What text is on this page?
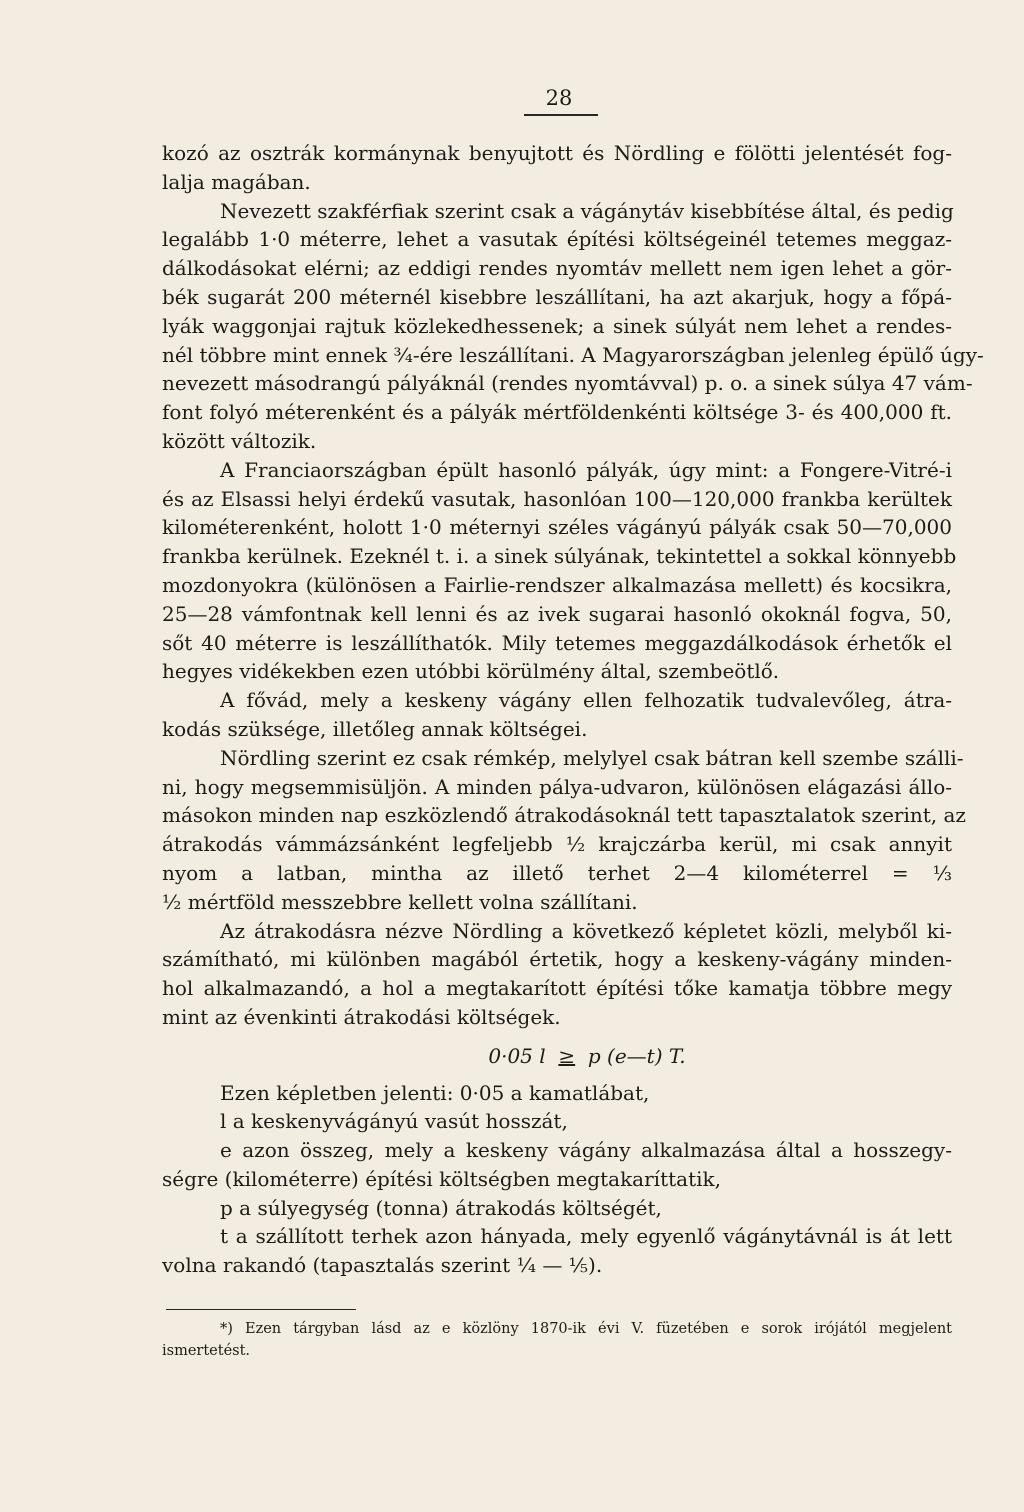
28
kozó az osztrák kormánynak benyujtott és Nördling e fölötti jelentését fog-
lalja magában.
Nevezett szakférfiak szerint csak a vágánytáv kisebbítése által, és pedig
legalább 1·0 méterre, lehet a vasutak építési költségeinél tetemes meggaz-
dálkodásokat elérni; az eddigi rendes nyomtáv mellett nem igen lehet a gör-
bék sugarát 200 méternél kisebbre leszállítani, ha azt akarjuk, hogy a főpá-
lyák waggonjai rajtuk közlekedhessenek; a sinek súlyát nem lehet a rendes-
nél többre mint ennek ¾-ére leszállítani. A Magyarországban jelenleg épülő úgy-
nevezett másodrangú pályáknál (rendes nyomtávval) p. o. a sinek súlya 47 vám-
font folyó méterenként és a pályák mértföldenkénti költsége 3- és 400,000 ft.
között változik.
A Franciaországban épült hasonló pályák, úgy mint: a Fongere-Vitré-i
és az Elsassi helyi érdekű vasutak, hasonlóan 100—120,000 frankba kerültek
kilométerenként, holott 1·0 méternyi széles vágányú pályák csak 50—70,000
frankba kerülnek. Ezeknél t. i. a sinek súlyának, tekintettel a sokkal könnyebb
mozdonyokra (különösen a Fairlie-rendszer alkalmazása mellett) és kocsikra,
25—28 vámfontnak kell lenni és az ivek sugarai hasonló okoknál fogva, 50,
sőt 40 méterre is leszállíthatók. Mily tetemes meggazdálkodások érhetők el
hegyes vidékekben ezen utóbbi körülmény által, szembeötlő.
A fővád, mely a keskeny vágány ellen felhozatik tudvalevőleg, átra-
kodás szüksége, illetőleg annak költségei.
Nördling szerint ez csak rémkép, melylyel csak bátran kell szembe szálli-
ni, hogy megsemmisüljön. A minden pálya-udvaron, különösen elágazási állo-
másokon minden nap eszközlendő átrakodásoknál tett tapasztalatok szerint, az
átrakodás vámmázsánként legfeljebb ½ krajczárba kerül, mi csak annyit
nyom a latban, mintha az illető terhet 2—4 kilométerrel = ⅓
½ mértföld messzebbre kellett volna szállítani.
Az átrakodásra nézve Nördling a következő képletet közli, melyből ki-
számítható, mi különben magából értetik, hogy a keskeny-vágány minden-
hol alkalmazandó, a hol a megtakarított építési tőke kamatja többre megy
mint az évenkinti átrakodási költségek.
0·05 l ≥ p (e—t) T.
Ezen képletben jelenti: 0·05 a kamatlábat,
l a keskenyvágányú vasút hosszát,
e azon összeg, mely a keskeny vágány alkalmazása által a hosszegy-
ségre (kilométerre) építési költségben megtakaríttatik,
p a súlyegység (tonna) átrakodás költségét,
t a szállított terhek azon hányada, mely egyenlő vágánytávnál is át lett
volna rakandó (tapasztalás szerint ¼ — ⅕).
*) Ezen tárgyban lásd az e közlöny 1870-ik évi V. füzetében e sorok irójától megjelent
ismertetést.
